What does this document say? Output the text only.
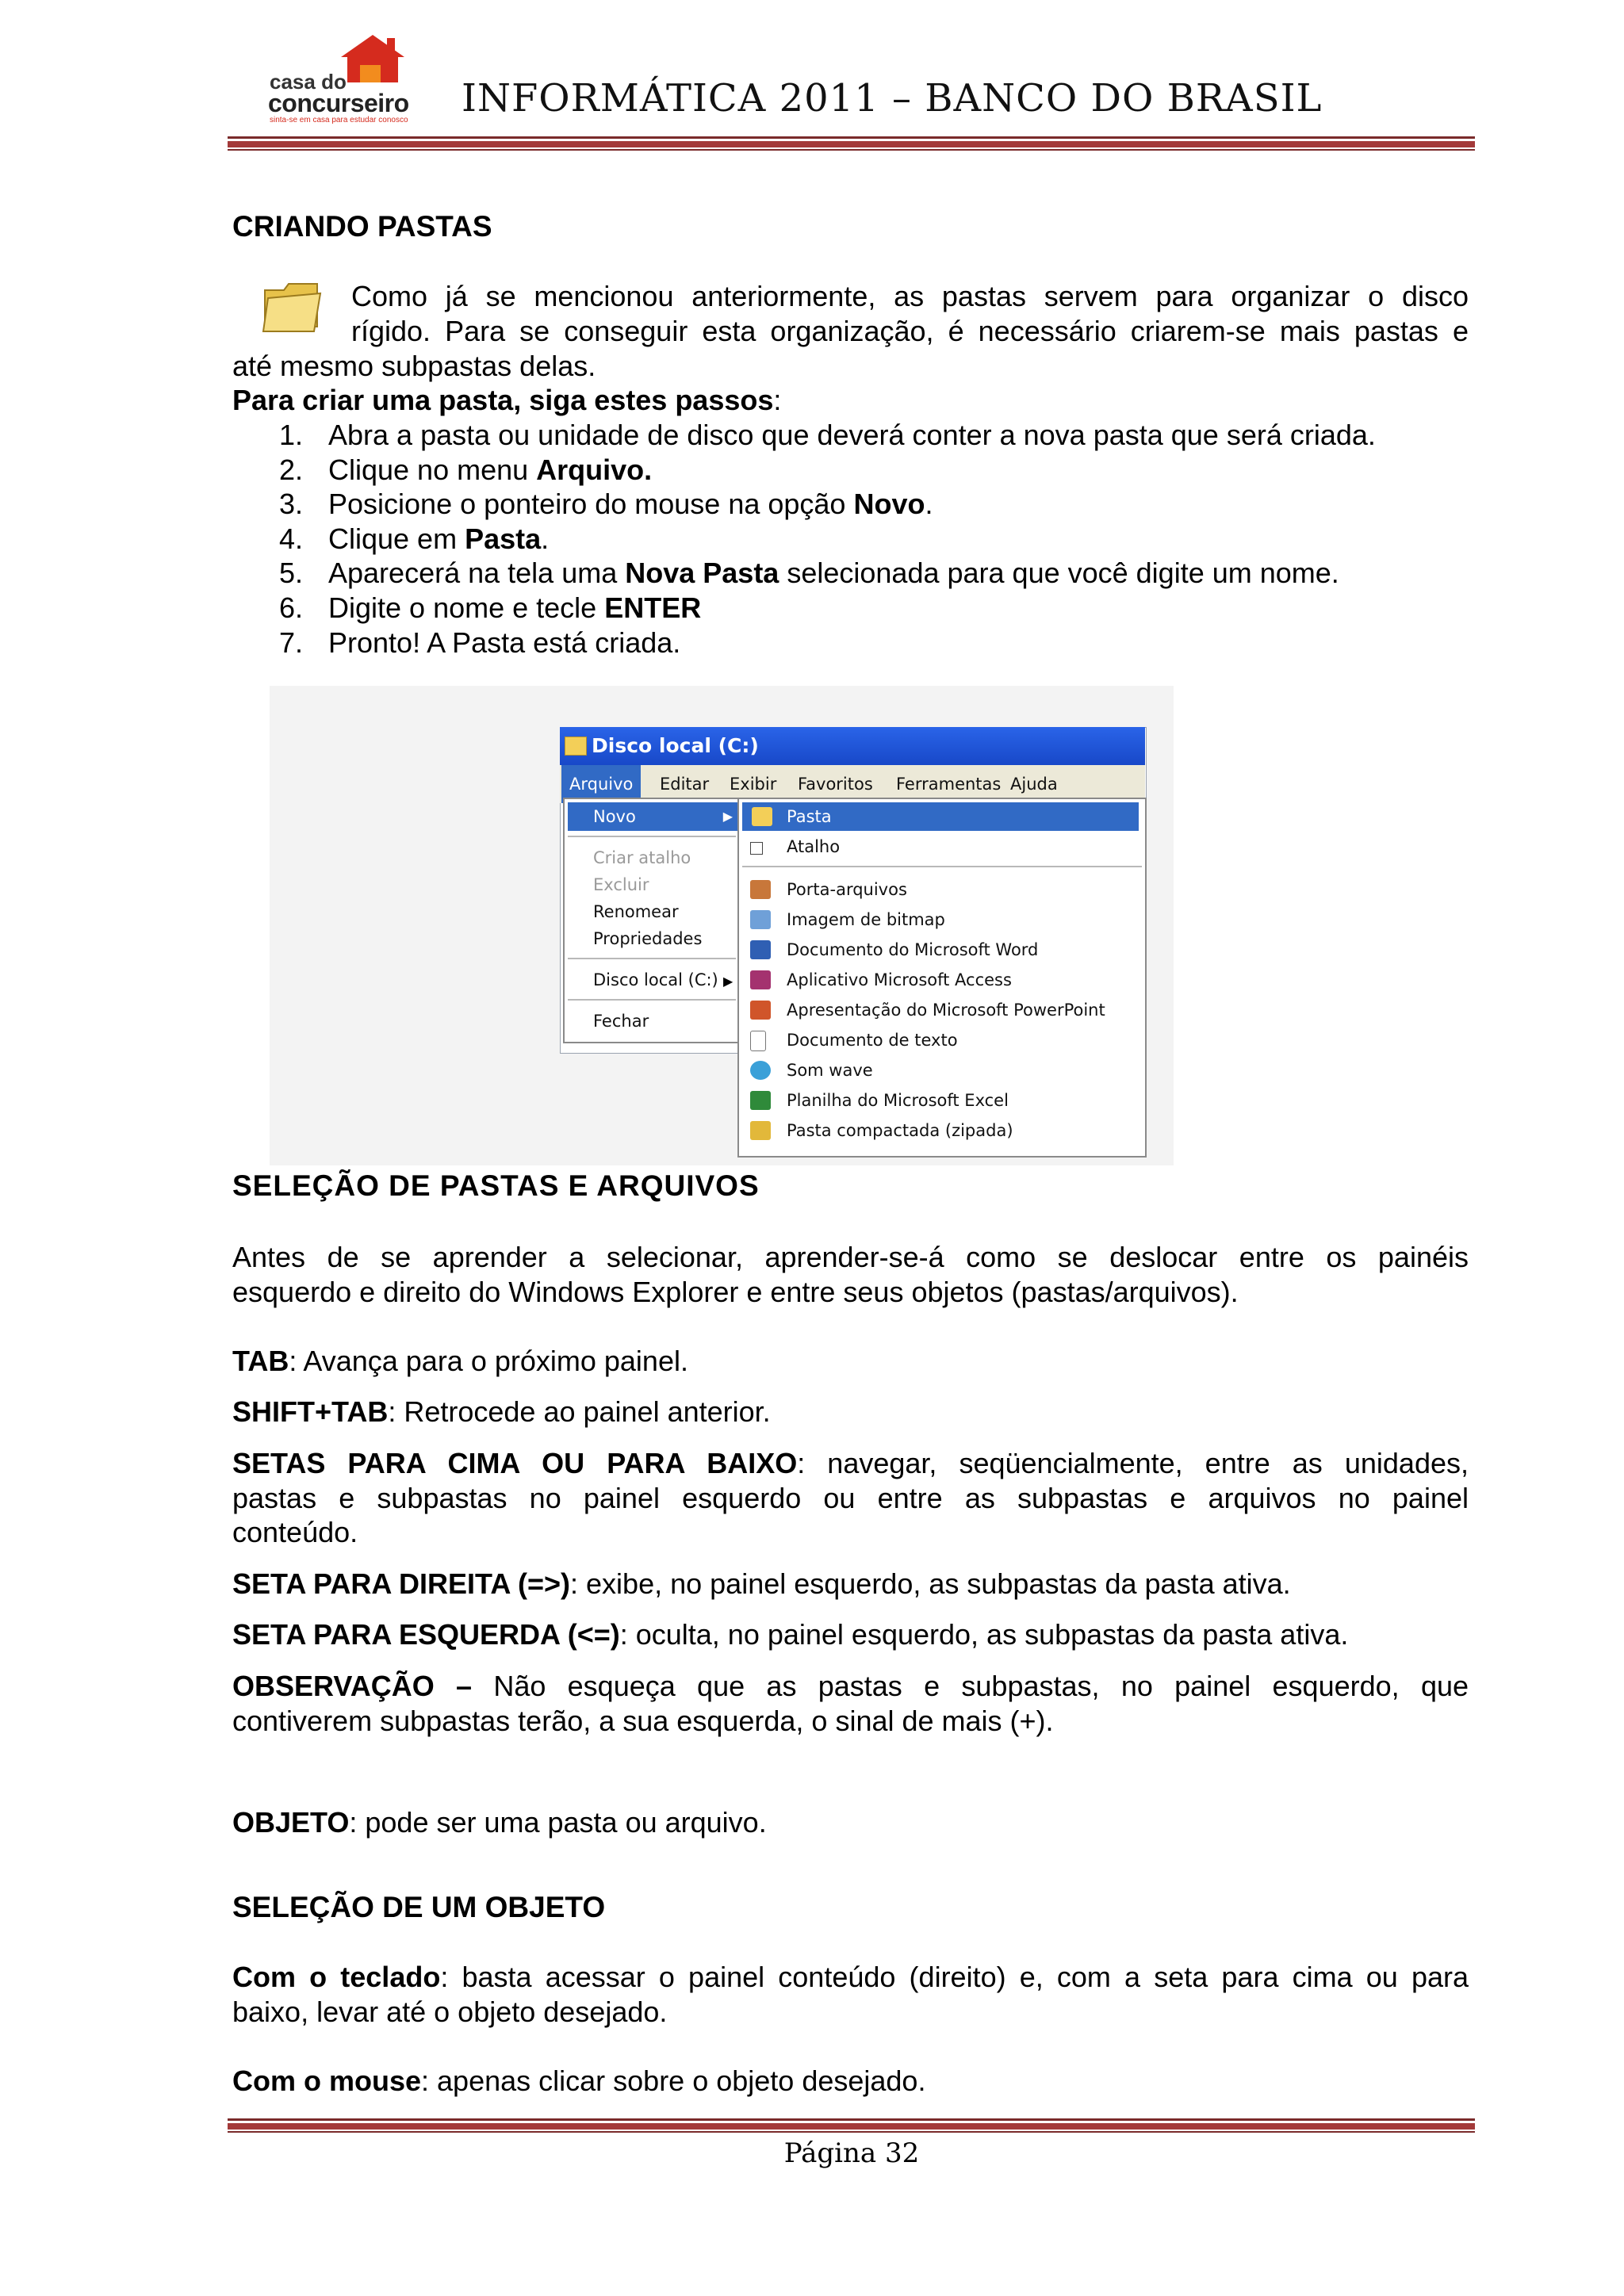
casa do
concurseiro
sinta-se em casa para estudar conosco INFORMÁTICA 2011 – BANCO DO BRASIL
CRIANDO PASTAS
Como já se mencionou anteriormente, as pastas servem para organizar o disco
rígido. Para se conseguir esta organização, é necessário criarem-se mais pastas e
até mesmo subpastas delas.
Para criar uma pasta, siga estes passos:
1. Abra a pasta ou unidade de disco que deverá conter a nova pasta que será criada.
2. Clique no menu Arquivo.
3. Posicione o ponteiro do mouse na opção Novo.
4. Clique em Pasta.
5. Aparecerá na tela uma Nova Pasta selecionada para que você digite um nome.
6. Digite o nome e tecle ENTER
7. Pronto! A Pasta está criada.
Disco local (C:)
Arquivo	Editar	Exibir	Favoritos	Ferramentas Ajuda
Novo	▶
Criar atalho
Excluir
Renomear
Propriedades
Disco local (C:) ▶
Fechar
Pasta
Atalho
Porta-arquivos
Imagem de bitmap
Documento do Microsoft Word
Aplicativo Microsoft Access
Apresentação do Microsoft PowerPoint
Documento de texto
Som wave
Planilha do Microsoft Excel
Pasta compactada (zipada)
SELEÇÃO DE PASTAS E ARQUIVOS
Antes de se aprender a selecionar, aprender-se-á como se deslocar entre os painéis
esquerdo e direito do Windows Explorer e entre seus objetos (pastas/arquivos).
TAB: Avança para o próximo painel.
SHIFT+TAB: Retrocede ao painel anterior.
SETAS PARA CIMA OU PARA BAIXO: navegar, seqüencialmente, entre as unidades,
pastas e subpastas no painel esquerdo ou entre as subpastas e arquivos no painel
conteúdo.
SETA PARA DIREITA (=>): exibe, no painel esquerdo, as subpastas da pasta ativa.
SETA PARA ESQUERDA (<=): oculta, no painel esquerdo, as subpastas da pasta ativa.
OBSERVAÇÃO – Não esqueça que as pastas e subpastas, no painel esquerdo, que
contiverem subpastas terão, a sua esquerda, o sinal de mais (+).
OBJETO: pode ser uma pasta ou arquivo.
SELEÇÃO DE UM OBJETO
Com o teclado: basta acessar o painel conteúdo (direito) e, com a seta para cima ou para
baixo, levar até o objeto desejado.
Com o mouse: apenas clicar sobre o objeto desejado.
Página 32
